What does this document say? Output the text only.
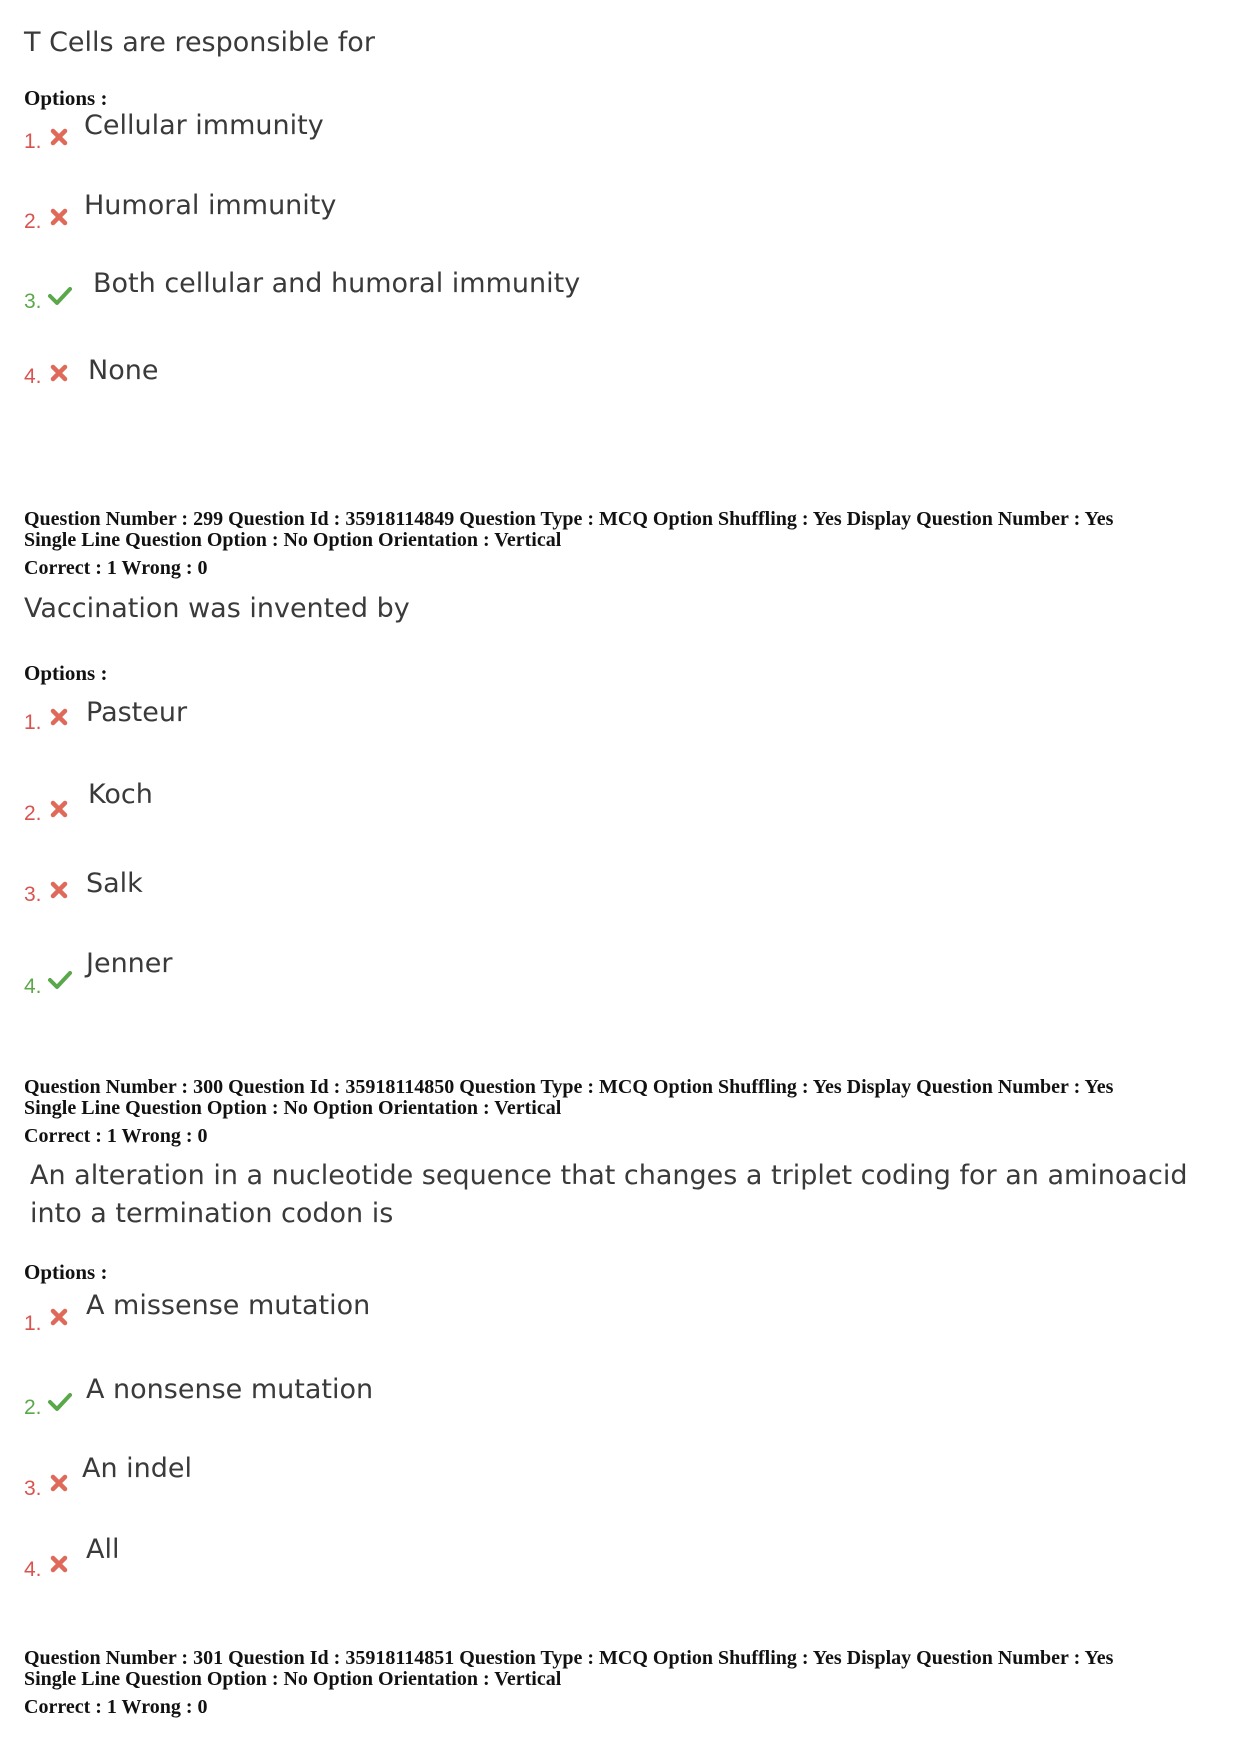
T Cells are responsible for
Options :
1.
Cellular immunity
2.
Humoral immunity
3.
Both cellular and humoral immunity
4. None
Question Number : 299 Question Id : 35918114849 Question Type : MCQ Option Shuffling : Yes Display Question Number : Yes
Single Line Question Option : No Option Orientation : Vertical
Correct : 1 Wrong : 0
Vaccination was invented by
Options :
1. Pasteur
2.
Koch
3. Salk
4.
Jenner
Question Number : 300 Question Id : 35918114850 Question Type : MCQ Option Shuffling : Yes Display Question Number : Yes
Single Line Question Option : No Option Orientation : Vertical
Correct : 1 Wrong : 0
An alteration in a nucleotide sequence that changes a triplet coding for an aminoacid into a termination codon is
Options :
1.
A missense mutation
2.
A nonsense mutation
3.
An indel
4.
All
Question Number : 301 Question Id : 35918114851 Question Type : MCQ Option Shuffling : Yes Display Question Number : Yes
Single Line Question Option : No Option Orientation : Vertical
Correct : 1 Wrong : 0
